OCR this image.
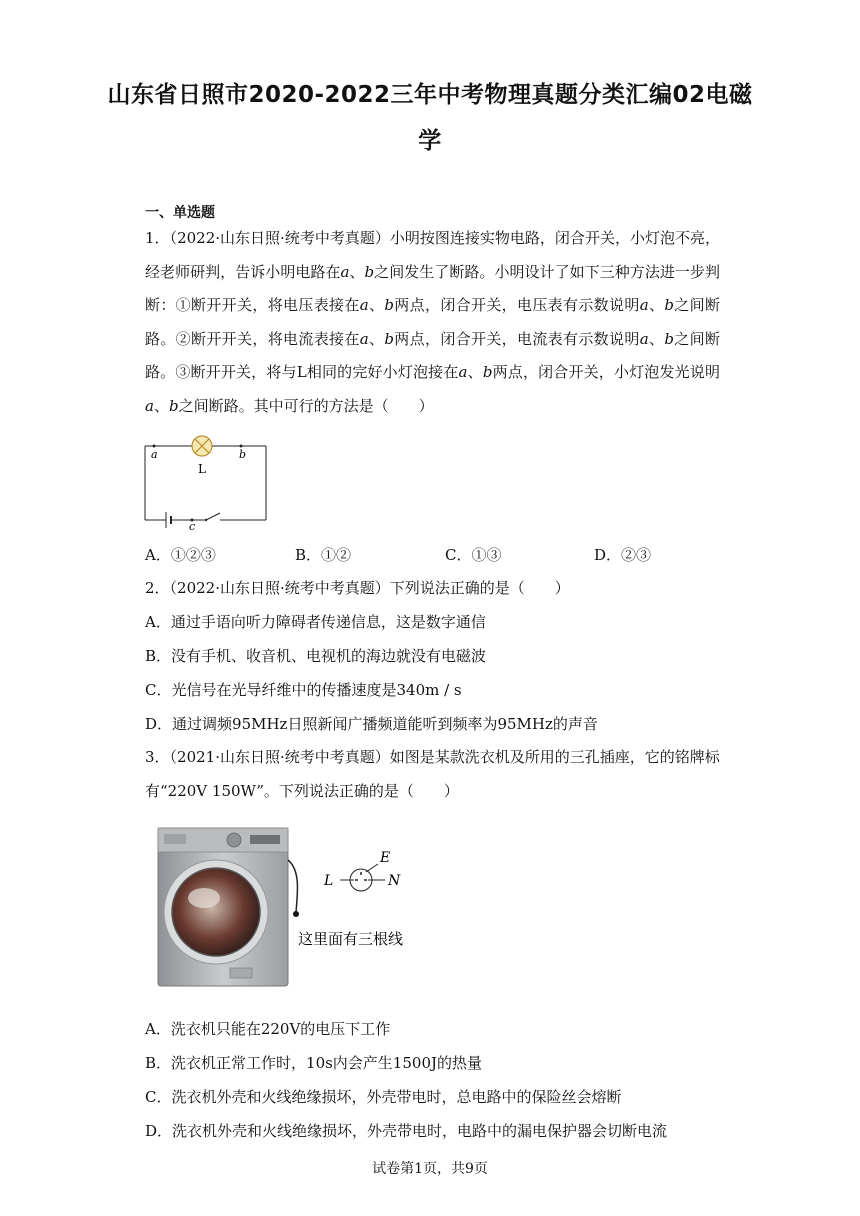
山东省日照市2020-2022三年中考物理真题分类汇编02电磁
学
一、单选题
1．（2022·山东日照·统考中考真题）小明按图连接实物电路，闭合开关，小灯泡不亮，经老师研判，告诉小明电路在a、b之间发生了断路。小明设计了如下三种方法进一步判断：①断开开关，将电压表接在a、b两点，闭合开关，电压表有示数说明a、b之间断路。②断开开关，将电流表接在a、b两点，闭合开关，电流表有示数说明a、b之间断路。③断开开关，将与L相同的完好小灯泡接在a、b两点，闭合开关，小灯泡发光说明a、b之间断路。其中可行的方法是（　　）
a	b
L
c
A．①②③	B．①②	C．①③	D．②③
2．（2022·山东日照·统考中考真题）下列说法正确的是（　　）
A．通过手语向听力障碍者传递信息，这是数字通信
B．没有手机、收音机、电视机的海边就没有电磁波
C．光信号在光导纤维中的传播速度是340m / s
D．通过调频95MHz日照新闻广播频道能听到频率为95MHz的声音
3．（2021·山东日照·统考中考真题）如图是某款洗衣机及所用的三孔插座，它的铭牌标
有“220V 150W”。下列说法正确的是（　　）
L
E
N
这里面有三根线
A．洗衣机只能在220V的电压下工作
B．洗衣机正常工作时，10s内会产生1500J的热量
C．洗衣机外壳和火线绝缘损坏，外壳带电时，总电路中的保险丝会熔断
D．洗衣机外壳和火线绝缘损坏，外壳带电时，电路中的漏电保护器会切断电流
试卷第1页，共9页
